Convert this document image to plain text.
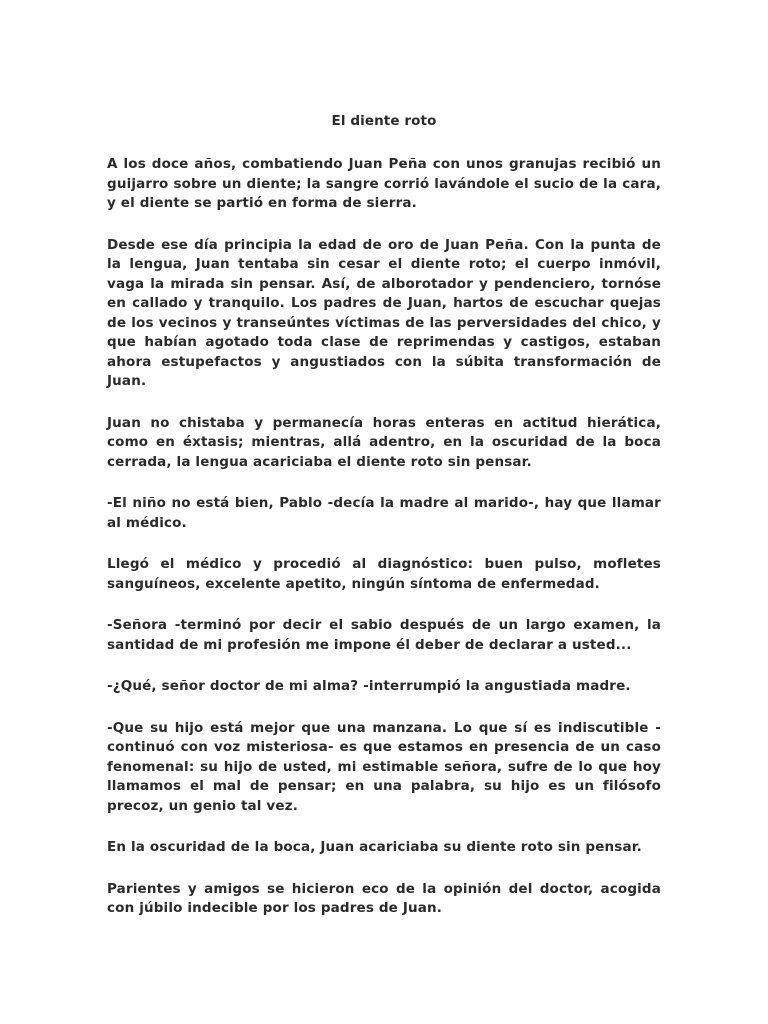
El diente roto

A los doce años, combatiendo Juan Peña con unos granujas recibió un guijarro sobre un diente; la sangre corrió lavándole el sucio de la cara, y el diente se partió en forma de sierra.

Desde ese día principia la edad de oro de Juan Peña. Con la punta de la lengua, Juan tentaba sin cesar el diente roto; el cuerpo inmóvil, vaga la mirada sin pensar. Así, de alborotador y pendenciero, tornóse en callado y tranquilo. Los padres de Juan, hartos de escuchar quejas de los vecinos y transeúntes víctimas de las perversidades del chico, y que habían agotado toda clase de reprimendas y castigos, estaban ahora estupefactos y angustiados con la súbita transformación de Juan.

Juan no chistaba y permanecía horas enteras en actitud hierática, como en éxtasis; mientras, allá adentro, en la oscuridad de la boca cerrada, la lengua acariciaba el diente roto sin pensar.

-El niño no está bien, Pablo -decía la madre al marido-, hay que llamar al médico.

Llegó el médico y procedió al diagnóstico: buen pulso, mofletes sanguíneos, excelente apetito, ningún síntoma de enfermedad.

-Señora -terminó por decir el sabio después de un largo examen, la santidad de mi profesión me impone él deber de declarar a usted...

-¿Qué, señor doctor de mi alma? -interrumpió la angustiada madre.

-Que su hijo está mejor que una manzana. Lo que sí es indiscutible -continuó con voz misteriosa- es que estamos en presencia de un caso fenomenal: su hijo de usted, mi estimable señora, sufre de lo que hoy llamamos el mal de pensar; en una palabra, su hijo es un filósofo precoz, un genio tal vez.

En la oscuridad de la boca, Juan acariciaba su diente roto sin pensar.

Parientes y amigos se hicieron eco de la opinión del doctor, acogida con júbilo indecible por los padres de Juan.
